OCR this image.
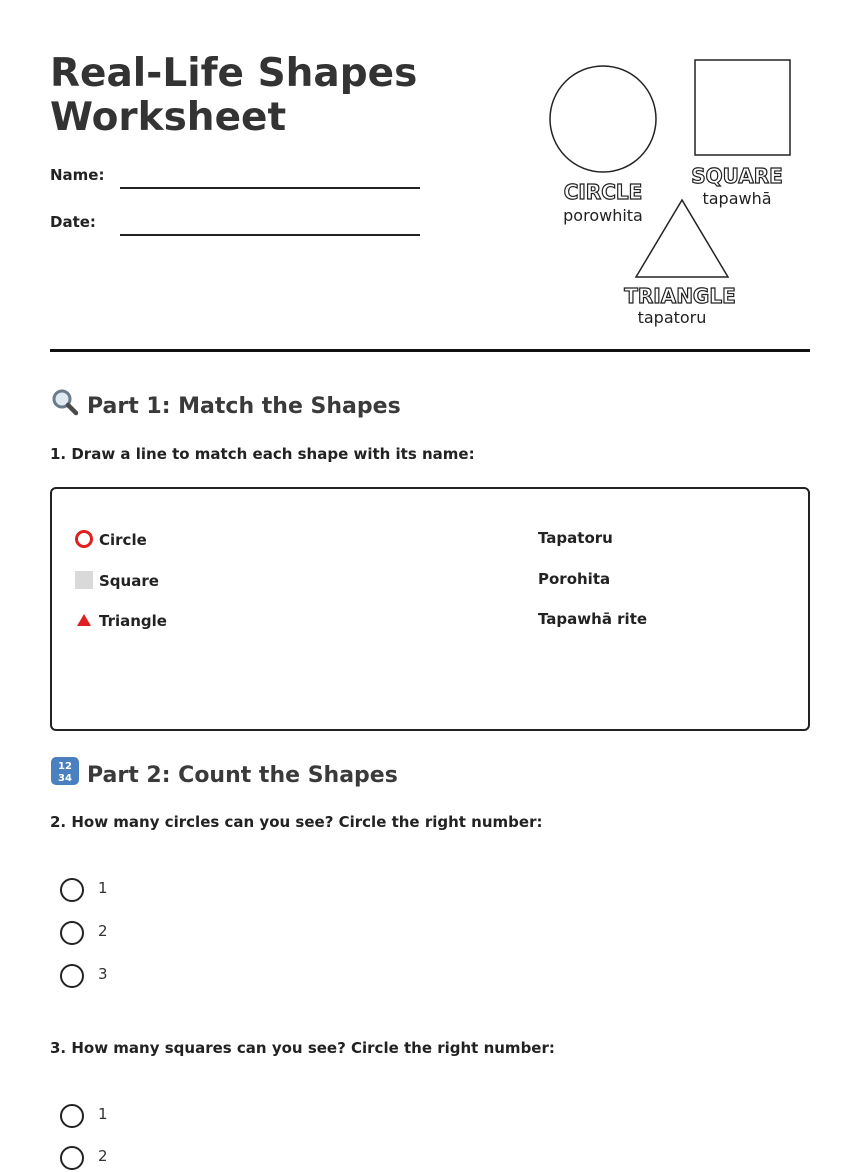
Real-Life Shapes
Worksheet
Name:
Date:
CIRCLE
porowhita
SQUARE
tapawhā
TRIANGLE
tapatoru
Part 1: Match the Shapes
1. Draw a line to match each shape with its name:
Circle
Square
Triangle
Tapatoru
Porohita
Tapawhā rite
12
34 Part 2: Count the Shapes
2. How many circles can you see? Circle the right number:
1
2
3
3. How many squares can you see? Circle the right number:
1
2
